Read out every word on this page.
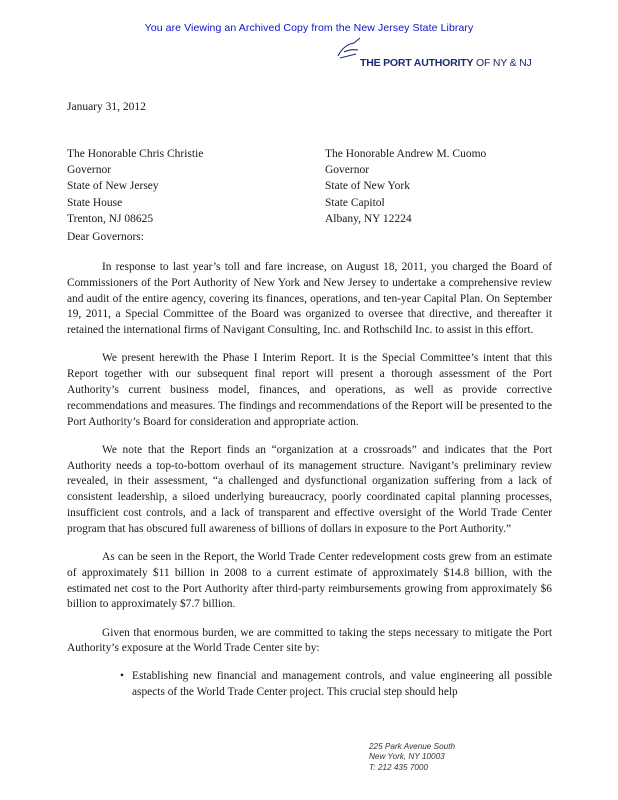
You are Viewing an Archived Copy from the New Jersey State Library
THE PORT AUTHORITY OF NY & NJ
January 31, 2012
The Honorable Chris Christie
Governor
State of New Jersey
State House
Trenton, NJ 08625
The Honorable Andrew M. Cuomo
Governor
State of New York
State Capitol
Albany, NY 12224
Dear Governors:

In response to last year’s toll and fare increase, on August 18, 2011, you charged the Board of Commissioners of the Port Authority of New York and New Jersey to undertake a comprehensive review and audit of the entire agency, covering its finances, operations, and ten-year Capital Plan. On September 19, 2011, a Special Committee of the Board was organized to oversee that directive, and thereafter it retained the international firms of Navigant Consulting, Inc. and Rothschild Inc. to assist in this effort.

We present herewith the Phase I Interim Report. It is the Special Committee’s intent that this Report together with our subsequent final report will present a thorough assessment of the Port Authority’s current business model, finances, and operations, as well as provide corrective recommendations and measures. The findings and recommendations of the Report will be presented to the Port Authority’s Board for consideration and appropriate action.

We note that the Report finds an “organization at a crossroads” and indicates that the Port Authority needs a top-to-bottom overhaul of its management structure. Navigant’s preliminary review revealed, in their assessment, “a challenged and dysfunctional organization suffering from a lack of consistent leadership, a siloed underlying bureaucracy, poorly coordinated capital planning processes, insufficient cost controls, and a lack of transparent and effective oversight of the World Trade Center program that has obscured full awareness of billions of dollars in exposure to the Port Authority.”

As can be seen in the Report, the World Trade Center redevelopment costs grew from an estimate of approximately $11 billion in 2008 to a current estimate of approximately $14.8 billion, with the estimated net cost to the Port Authority after third-party reimbursements growing from approximately $6 billion to approximately $7.7 billion.

Given that enormous burden, we are committed to taking the steps necessary to mitigate the Port Authority’s exposure at the World Trade Center site by:

• Establishing new financial and management controls, and value engineering all possible aspects of the World Trade Center project. This crucial step should help
225 Park Avenue South
New York, NY 10003
T: 212 435 7000
